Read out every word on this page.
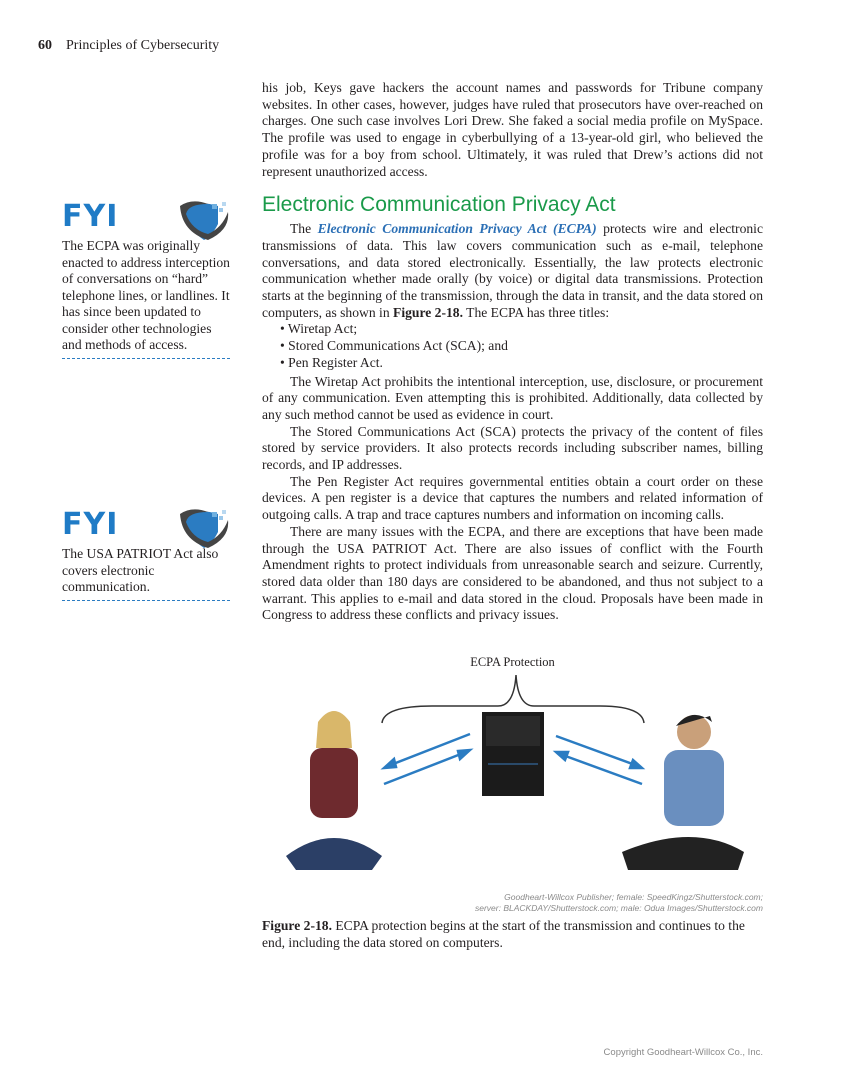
60 Principles of Cybersecurity

his job, Keys gave hackers the account names and passwords for Tribune company websites. In other cases, however, judges have ruled that prosecutors have over-reached on charges. One such case involves Lori Drew. She faked a social media profile on MySpace. The profile was used to engage in cyberbullying of a 13-year-old girl, who believed the profile was for a boy from school. Ultimately, it was ruled that Drew’s actions did not represent unauthorized access.

Electronic Communication Privacy Act

The Electronic Communication Privacy Act (ECPA) protects wire and electronic transmissions of data. This law covers communication such as e-mail, telephone conversations, and data stored electronically. Essentially, the law protects electronic communication whether made orally (by voice) or digital data transmissions. Protection starts at the beginning of the transmission, through the data in transit, and the data stored on computers, as shown in Figure 2-18. The ECPA has three titles:

• Wiretap Act;
• Stored Communications Act (SCA); and
• Pen Register Act.

The Wiretap Act prohibits the intentional interception, use, disclosure, or procurement of any communication. Even attempting this is prohibited. Additionally, data collected by any such method cannot be used as evidence in court.

The Stored Communications Act (SCA) protects the privacy of the content of files stored by service providers. It also protects records including subscriber names, billing records, and IP addresses.

The Pen Register Act requires governmental entities obtain a court order on these devices. A pen register is a device that captures the numbers and related information of outgoing calls. A trap and trace captures numbers and information on incoming calls.

There are many issues with the ECPA, and there are exceptions that have been made through the USA PATRIOT Act. There are also issues of conflict with the Fourth Amendment rights to protect individuals from unreasonable search and seizure. Currently, stored data older than 180 days are considered to be abandoned, and thus not subject to a warrant. This applies to e-mail and data stored in the cloud. Proposals have been made in Congress to address these conflicts and privacy issues.

ECPA Protection
Goodheart-Willcox Publisher; female: SpeedKingz/Shutterstock.com;
server: BLACKDAY/Shutterstock.com; male: Odua Images/Shutterstock.com
Figure 2-18. ECPA protection begins at the start of the transmission and continues to the end, including the data stored on computers.
FYI
The ECPA was originally enacted to address interception of conversations on “hard” telephone lines, or landlines. It has since been updated to consider other technologies and methods of access.
FYI
The USA PATRIOT Act also covers electronic communication.
Copyright Goodheart-Willcox Co., Inc.
